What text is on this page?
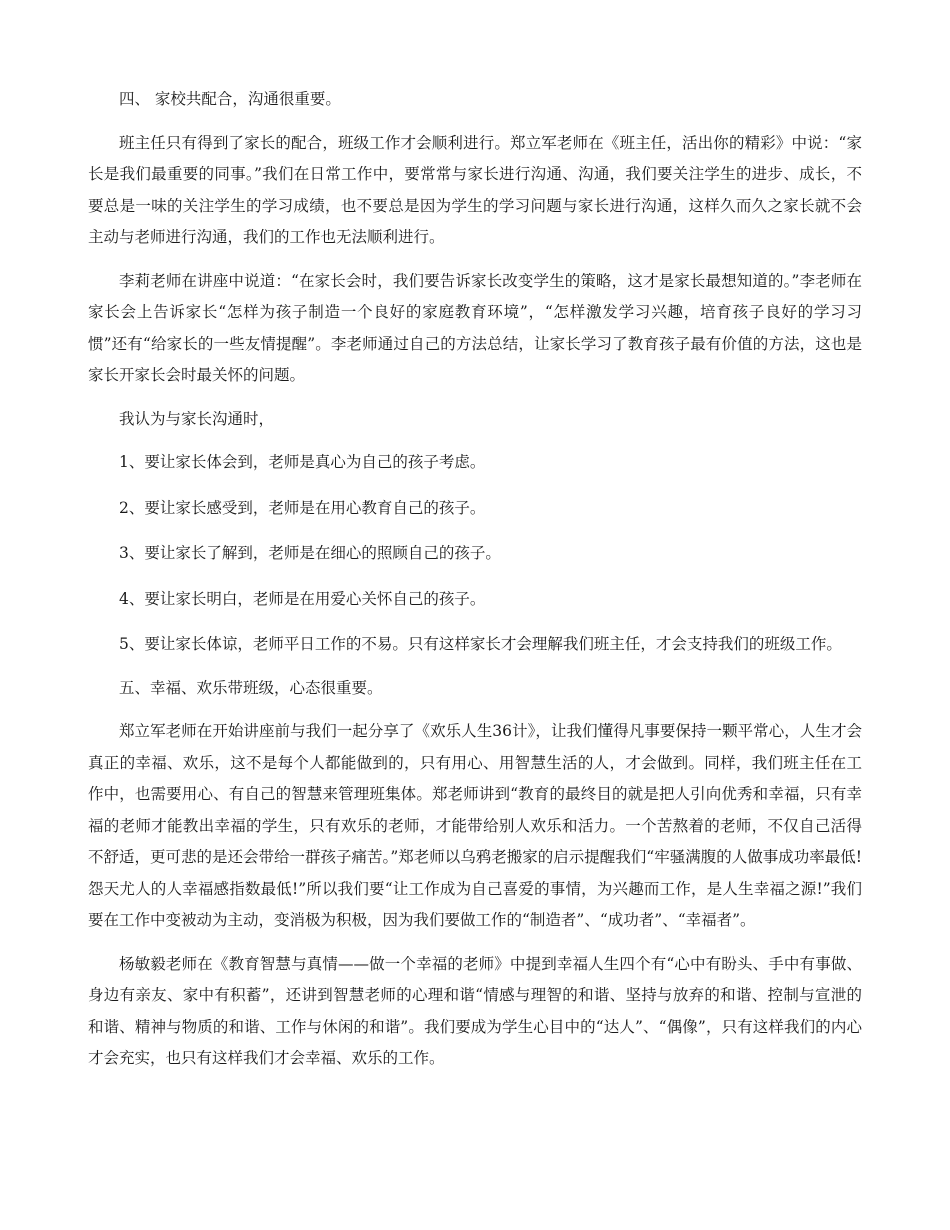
四、 家校共配合，沟通很重要。

班主任只有得到了家长的配合，班级工作才会顺利进行。郑立军老师在《班主任，活出你的精彩》中说：“家长是我们最重要的同事。”我们在日常工作中，要常常与家长进行沟通、沟通，我们要关注学生的进步、成长，不要总是一味的关注学生的学习成绩，也不要总是因为学生的学习问题与家长进行沟通，这样久而久之家长就不会主动与老师进行沟通，我们的工作也无法顺利进行。

李莉老师在讲座中说道：“在家长会时，我们要告诉家长改变学生的策略，这才是家长最想知道的。”李老师在家长会上告诉家长“怎样为孩子制造一个良好的家庭教育环境”，“怎样激发学习兴趣，培育孩子良好的学习习惯”还有“给家长的一些友情提醒”。李老师通过自己的方法总结，让家长学习了教育孩子最有价值的方法，这也是家长开家长会时最关怀的问题。

我认为与家长沟通时，

1、要让家长体会到，老师是真心为自己的孩子考虑。

2、要让家长感受到，老师是在用心教育自己的孩子。

3、要让家长了解到，老师是在细心的照顾自己的孩子。

4、要让家长明白，老师是在用爱心关怀自己的孩子。

5、要让家长体谅，老师平日工作的不易。只有这样家长才会理解我们班主任，才会支持我们的班级工作。

五、幸福、欢乐带班级，心态很重要。

郑立军老师在开始讲座前与我们一起分享了《欢乐人生36计》，让我们懂得凡事要保持一颗平常心，人生才会真正的幸福、欢乐，这不是每个人都能做到的，只有用心、用智慧生活的人，才会做到。同样，我们班主任在工作中，也需要用心、有自己的智慧来管理班集体。郑老师讲到“教育的最终目的就是把人引向优秀和幸福，只有幸福的老师才能教出幸福的学生，只有欢乐的老师，才能带给别人欢乐和活力。一个苦熬着的老师，不仅自己活得不舒适，更可悲的是还会带给一群孩子痛苦。”郑老师以乌鸦老搬家的启示提醒我们“牢骚满腹的人做事成功率最低!怨天尤人的人幸福感指数最低!”所以我们要“让工作成为自己喜爱的事情，为兴趣而工作，是人生幸福之源!”我们要在工作中变被动为主动，变消极为积极，因为我们要做工作的“制造者”、“成功者”、“幸福者”。

杨敏毅老师在《教育智慧与真情——做一个幸福的老师》中提到幸福人生四个有“心中有盼头、手中有事做、身边有亲友、家中有积蓄”，还讲到智慧老师的心理和谐“情感与理智的和谐、坚持与放弃的和谐、控制与宣泄的和谐、精神与物质的和谐、工作与休闲的和谐”。我们要成为学生心目中的“达人”、“偶像”，只有这样我们的内心才会充实，也只有这样我们才会幸福、欢乐的工作。
